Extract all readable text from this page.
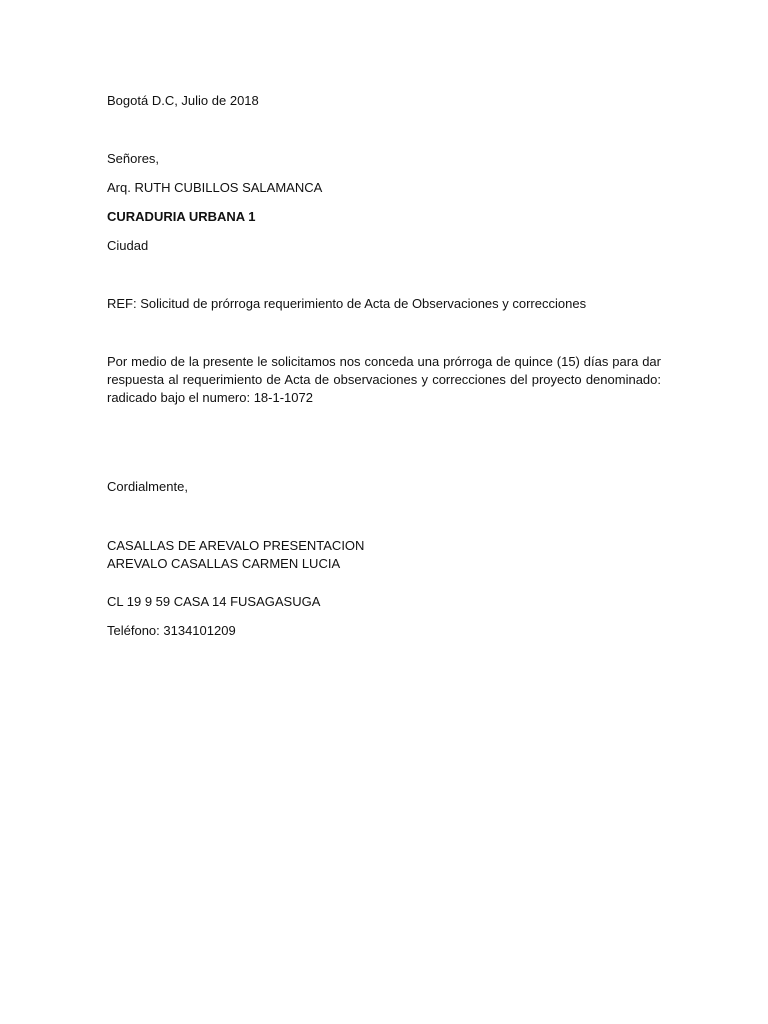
Bogotá D.C, Julio de 2018
Señores,
Arq. RUTH CUBILLOS SALAMANCA
CURADURIA URBANA 1
Ciudad
REF: Solicitud de prórroga requerimiento de Acta de Observaciones y correcciones
Por medio de la presente le solicitamos nos conceda una prórroga de quince (15) días para dar
respuesta al requerimiento de Acta de observaciones y correcciones del proyecto denominado:
radicado bajo el numero: 18-1-1072
Cordialmente,
CASALLAS DE AREVALO PRESENTACION
AREVALO CASALLAS CARMEN LUCIA
CL 19 9 59 CASA 14 FUSAGASUGA
Teléfono: 3134101209
